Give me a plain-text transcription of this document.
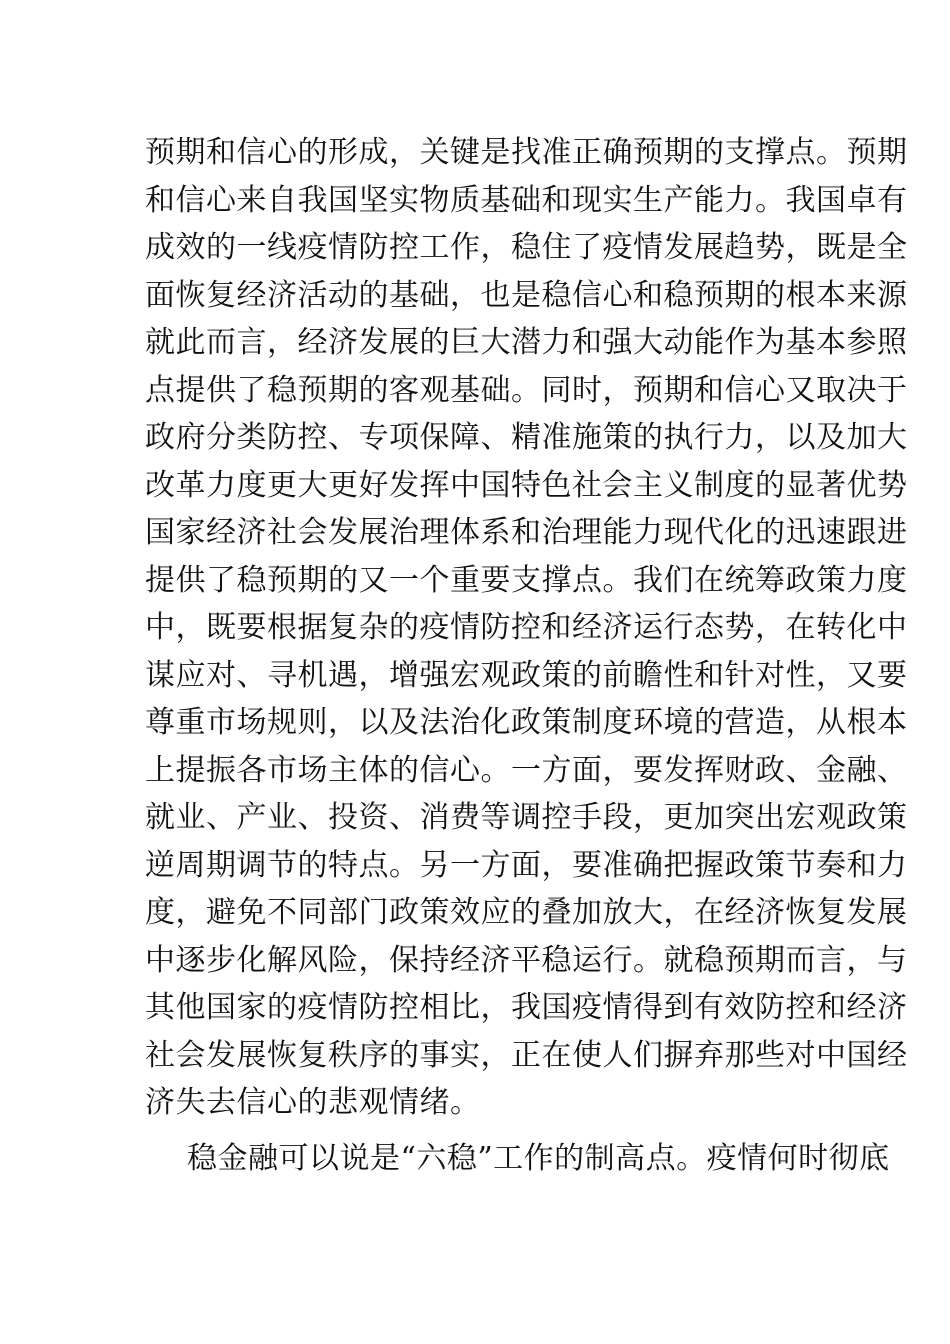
预期和信心的形成，关键是找准正确预期的支撑点。预期
和信心来自我国坚实物质基础和现实生产能力。我国卓有
成效的一线疫情防控工作，稳住了疫情发展趋势，既是全
面恢复经济活动的基础，也是稳信心和稳预期的根本来源
就此而言，经济发展的巨大潜力和强大动能作为基本参照
点提供了稳预期的客观基础。同时，预期和信心又取决于
政府分类防控、专项保障、精准施策的执行力，以及加大
改革力度更大更好发挥中国特色社会主义制度的显著优势
国家经济社会发展治理体系和治理能力现代化的迅速跟进
提供了稳预期的又一个重要支撑点。我们在统筹政策力度
中，既要根据复杂的疫情防控和经济运行态势，在转化中
谋应对、寻机遇，增强宏观政策的前瞻性和针对性，又要
尊重市场规则，以及法治化政策制度环境的营造，从根本
上提振各市场主体的信心。一方面，要发挥财政、金融、
就业、产业、投资、消费等调控手段，更加突出宏观政策
逆周期调节的特点。另一方面，要准确把握政策节奏和力
度，避免不同部门政策效应的叠加放大，在经济恢复发展
中逐步化解风险，保持经济平稳运行。就稳预期而言，与
其他国家的疫情防控相比，我国疫情得到有效防控和经济
社会发展恢复秩序的事实，正在使人们摒弃那些对中国经
济失去信心的悲观情绪。
稳金融可以说是“六稳”工作的制高点。疫情何时彻底
